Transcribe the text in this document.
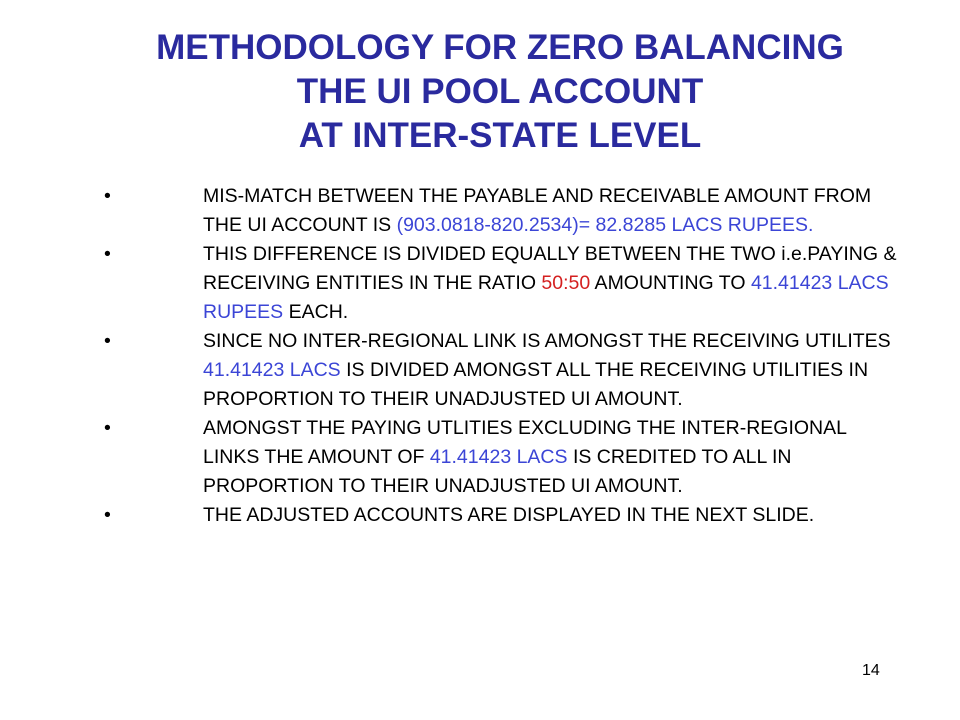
METHODOLOGY FOR ZERO BALANCING
THE UI POOL ACCOUNT
AT INTER-STATE LEVEL
•	MIS-MATCH BETWEEN THE PAYABLE AND RECEIVABLE AMOUNT FROM THE UI ACCOUNT IS (903.0818-820.2534)= 82.8285 LACS RUPEES.
•	THIS DIFFERENCE IS DIVIDED EQUALLY BETWEEN THE TWO i.e.PAYING & RECEIVING ENTITIES IN THE RATIO 50:50 AMOUNTING TO 41.41423 LACS RUPEES EACH.
•	SINCE NO INTER-REGIONAL LINK IS AMONGST THE RECEIVING UTILITES 41.41423 LACS IS DIVIDED AMONGST ALL THE RECEIVING UTILITIES IN PROPORTION TO THEIR UNADJUSTED UI AMOUNT.
•	AMONGST THE PAYING UTLITIES EXCLUDING THE INTER-REGIONAL LINKS THE AMOUNT OF 41.41423 LACS IS CREDITED TO ALL IN PROPORTION TO THEIR UNADJUSTED UI AMOUNT.
•	THE ADJUSTED ACCOUNTS ARE DISPLAYED IN THE NEXT SLIDE.
14
